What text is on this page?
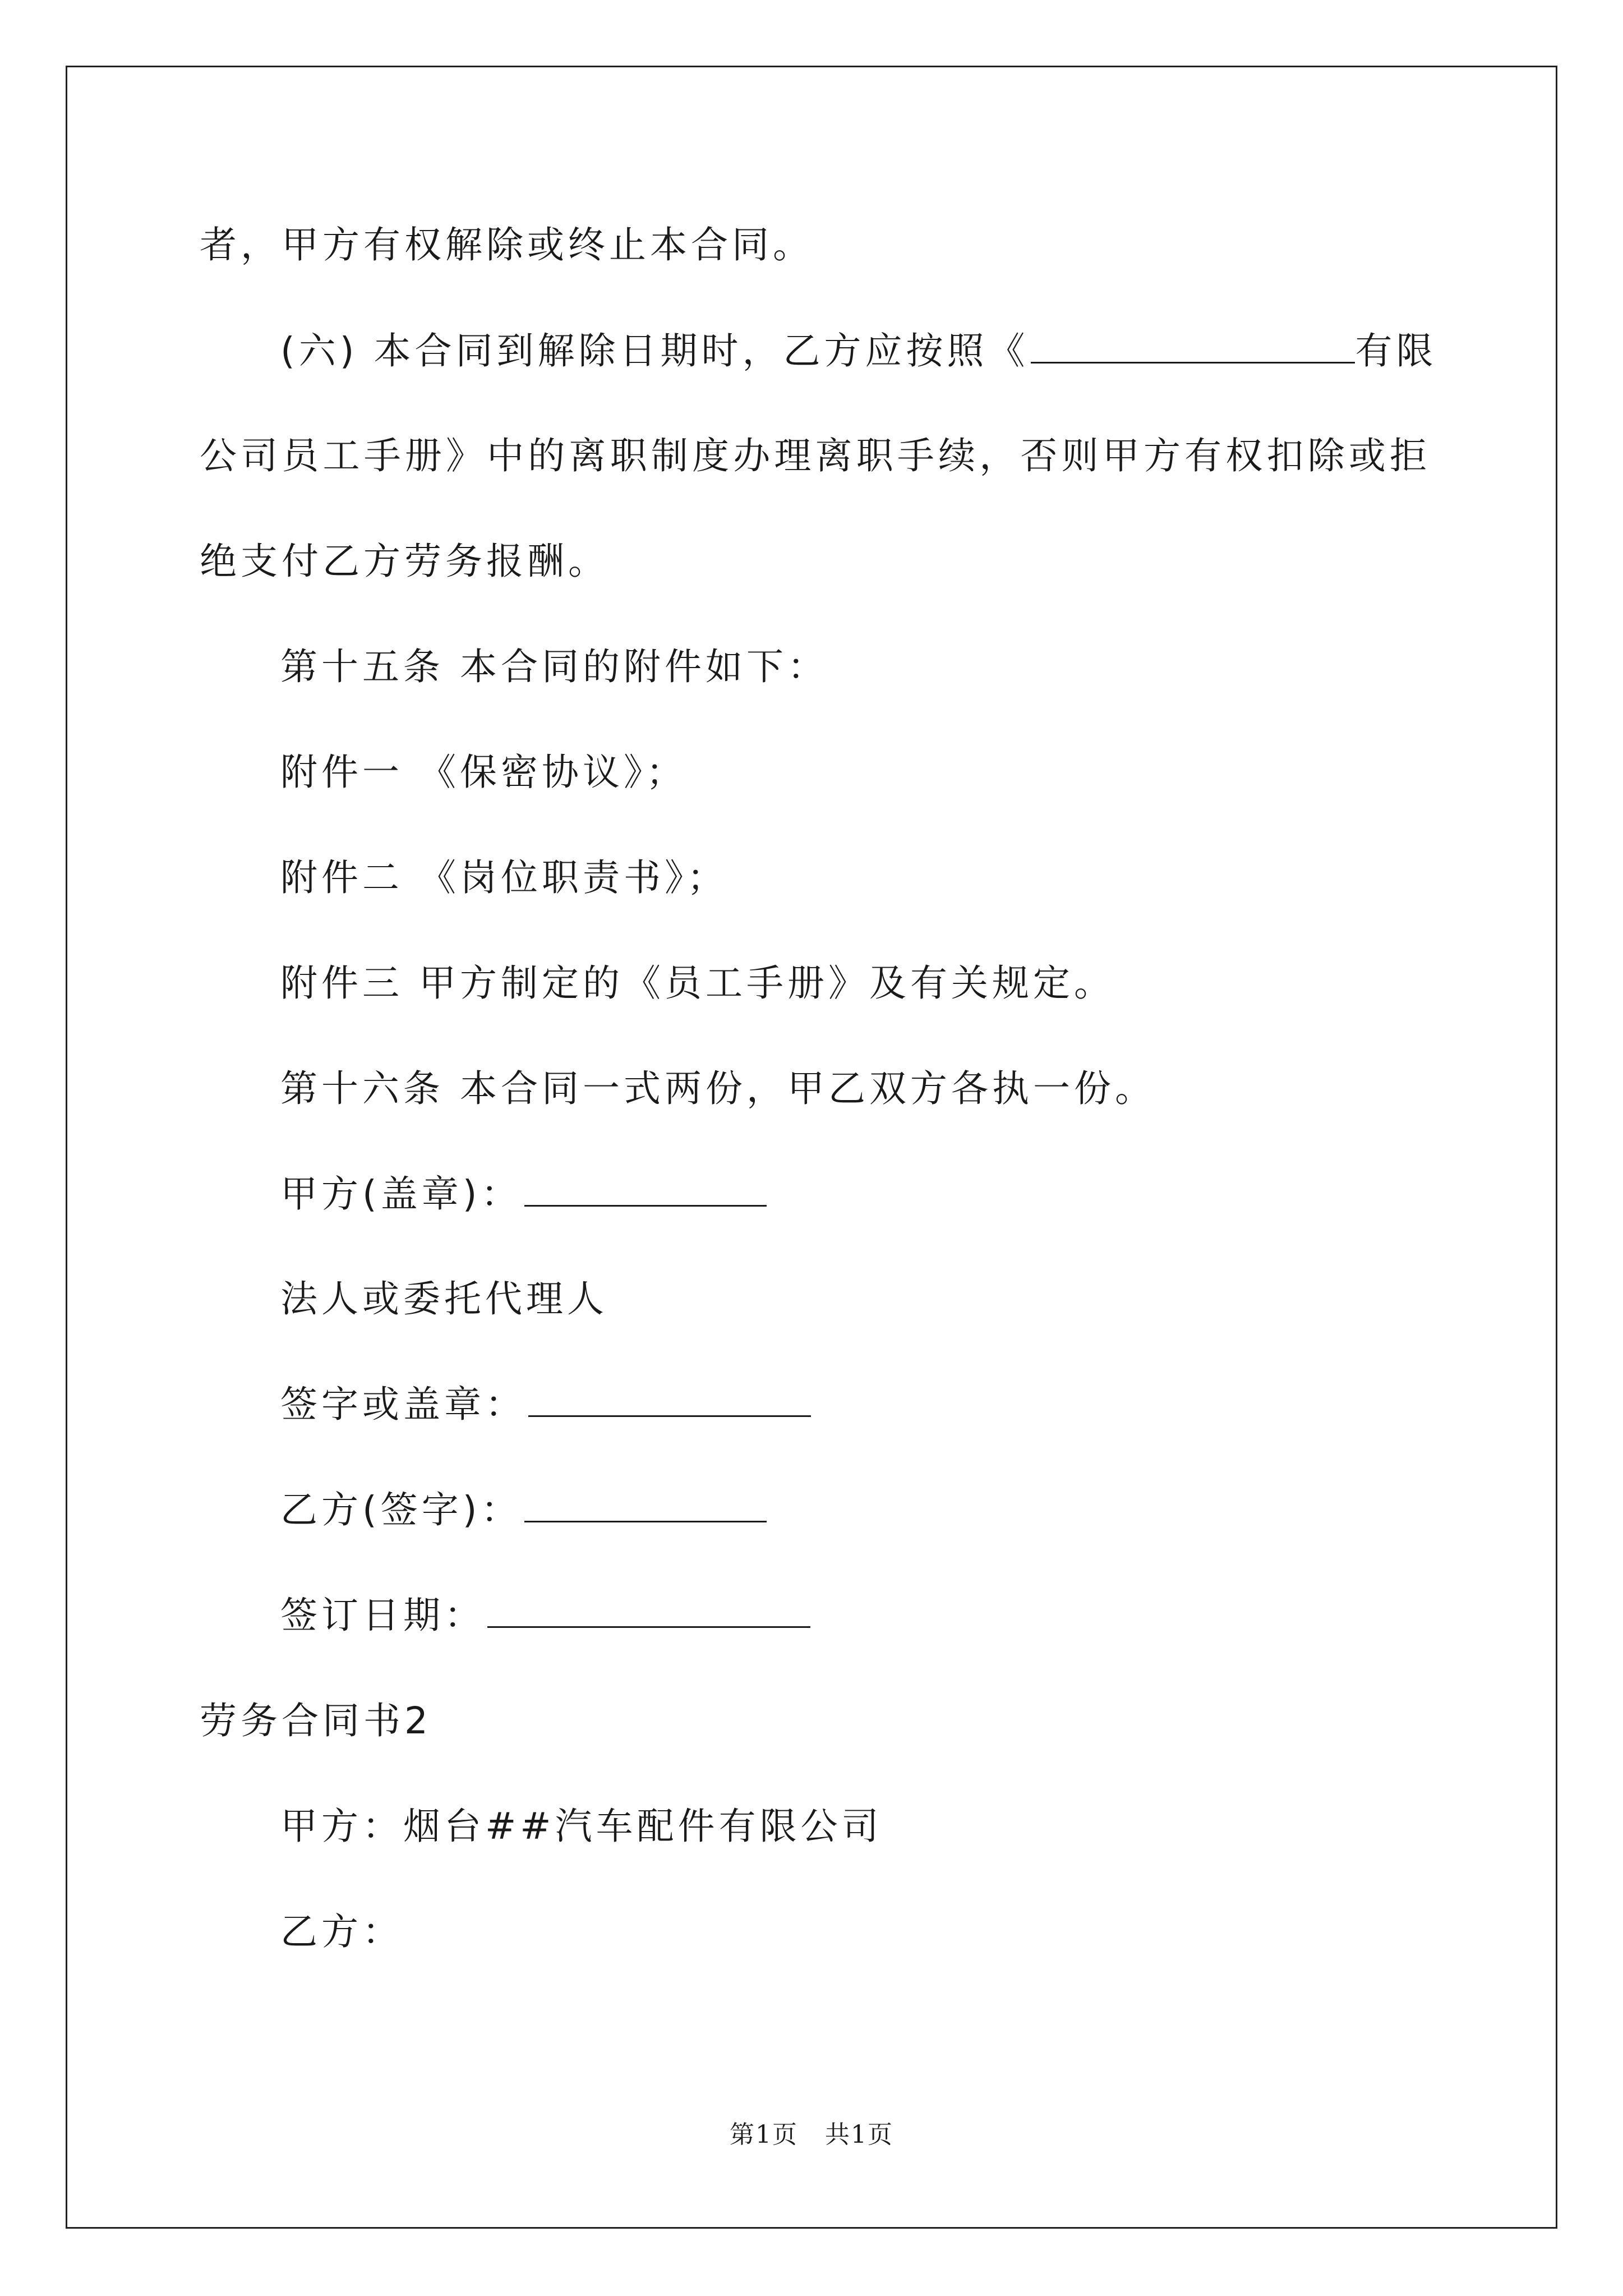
者，甲方有权解除或终止本合同。
(六) 本合同到解除日期时，乙方应按照《	有限
公司员工手册》中的离职制度办理离职手续，否则甲方有权扣除或拒
绝支付乙方劳务报酬。
第十五条 本合同的附件如下：
附件一 《保密协议》；
附件二 《岗位职责书》；
附件三 甲方制定的《员工手册》及有关规定。
第十六条 本合同一式两份，甲乙双方各执一份。
甲方(盖章)：
法人或委托代理人
签字或盖章：
乙方(签字)：
签订日期：
劳务合同书2
甲方：烟台##汽车配件有限公司
乙方：
第1页   共1页
